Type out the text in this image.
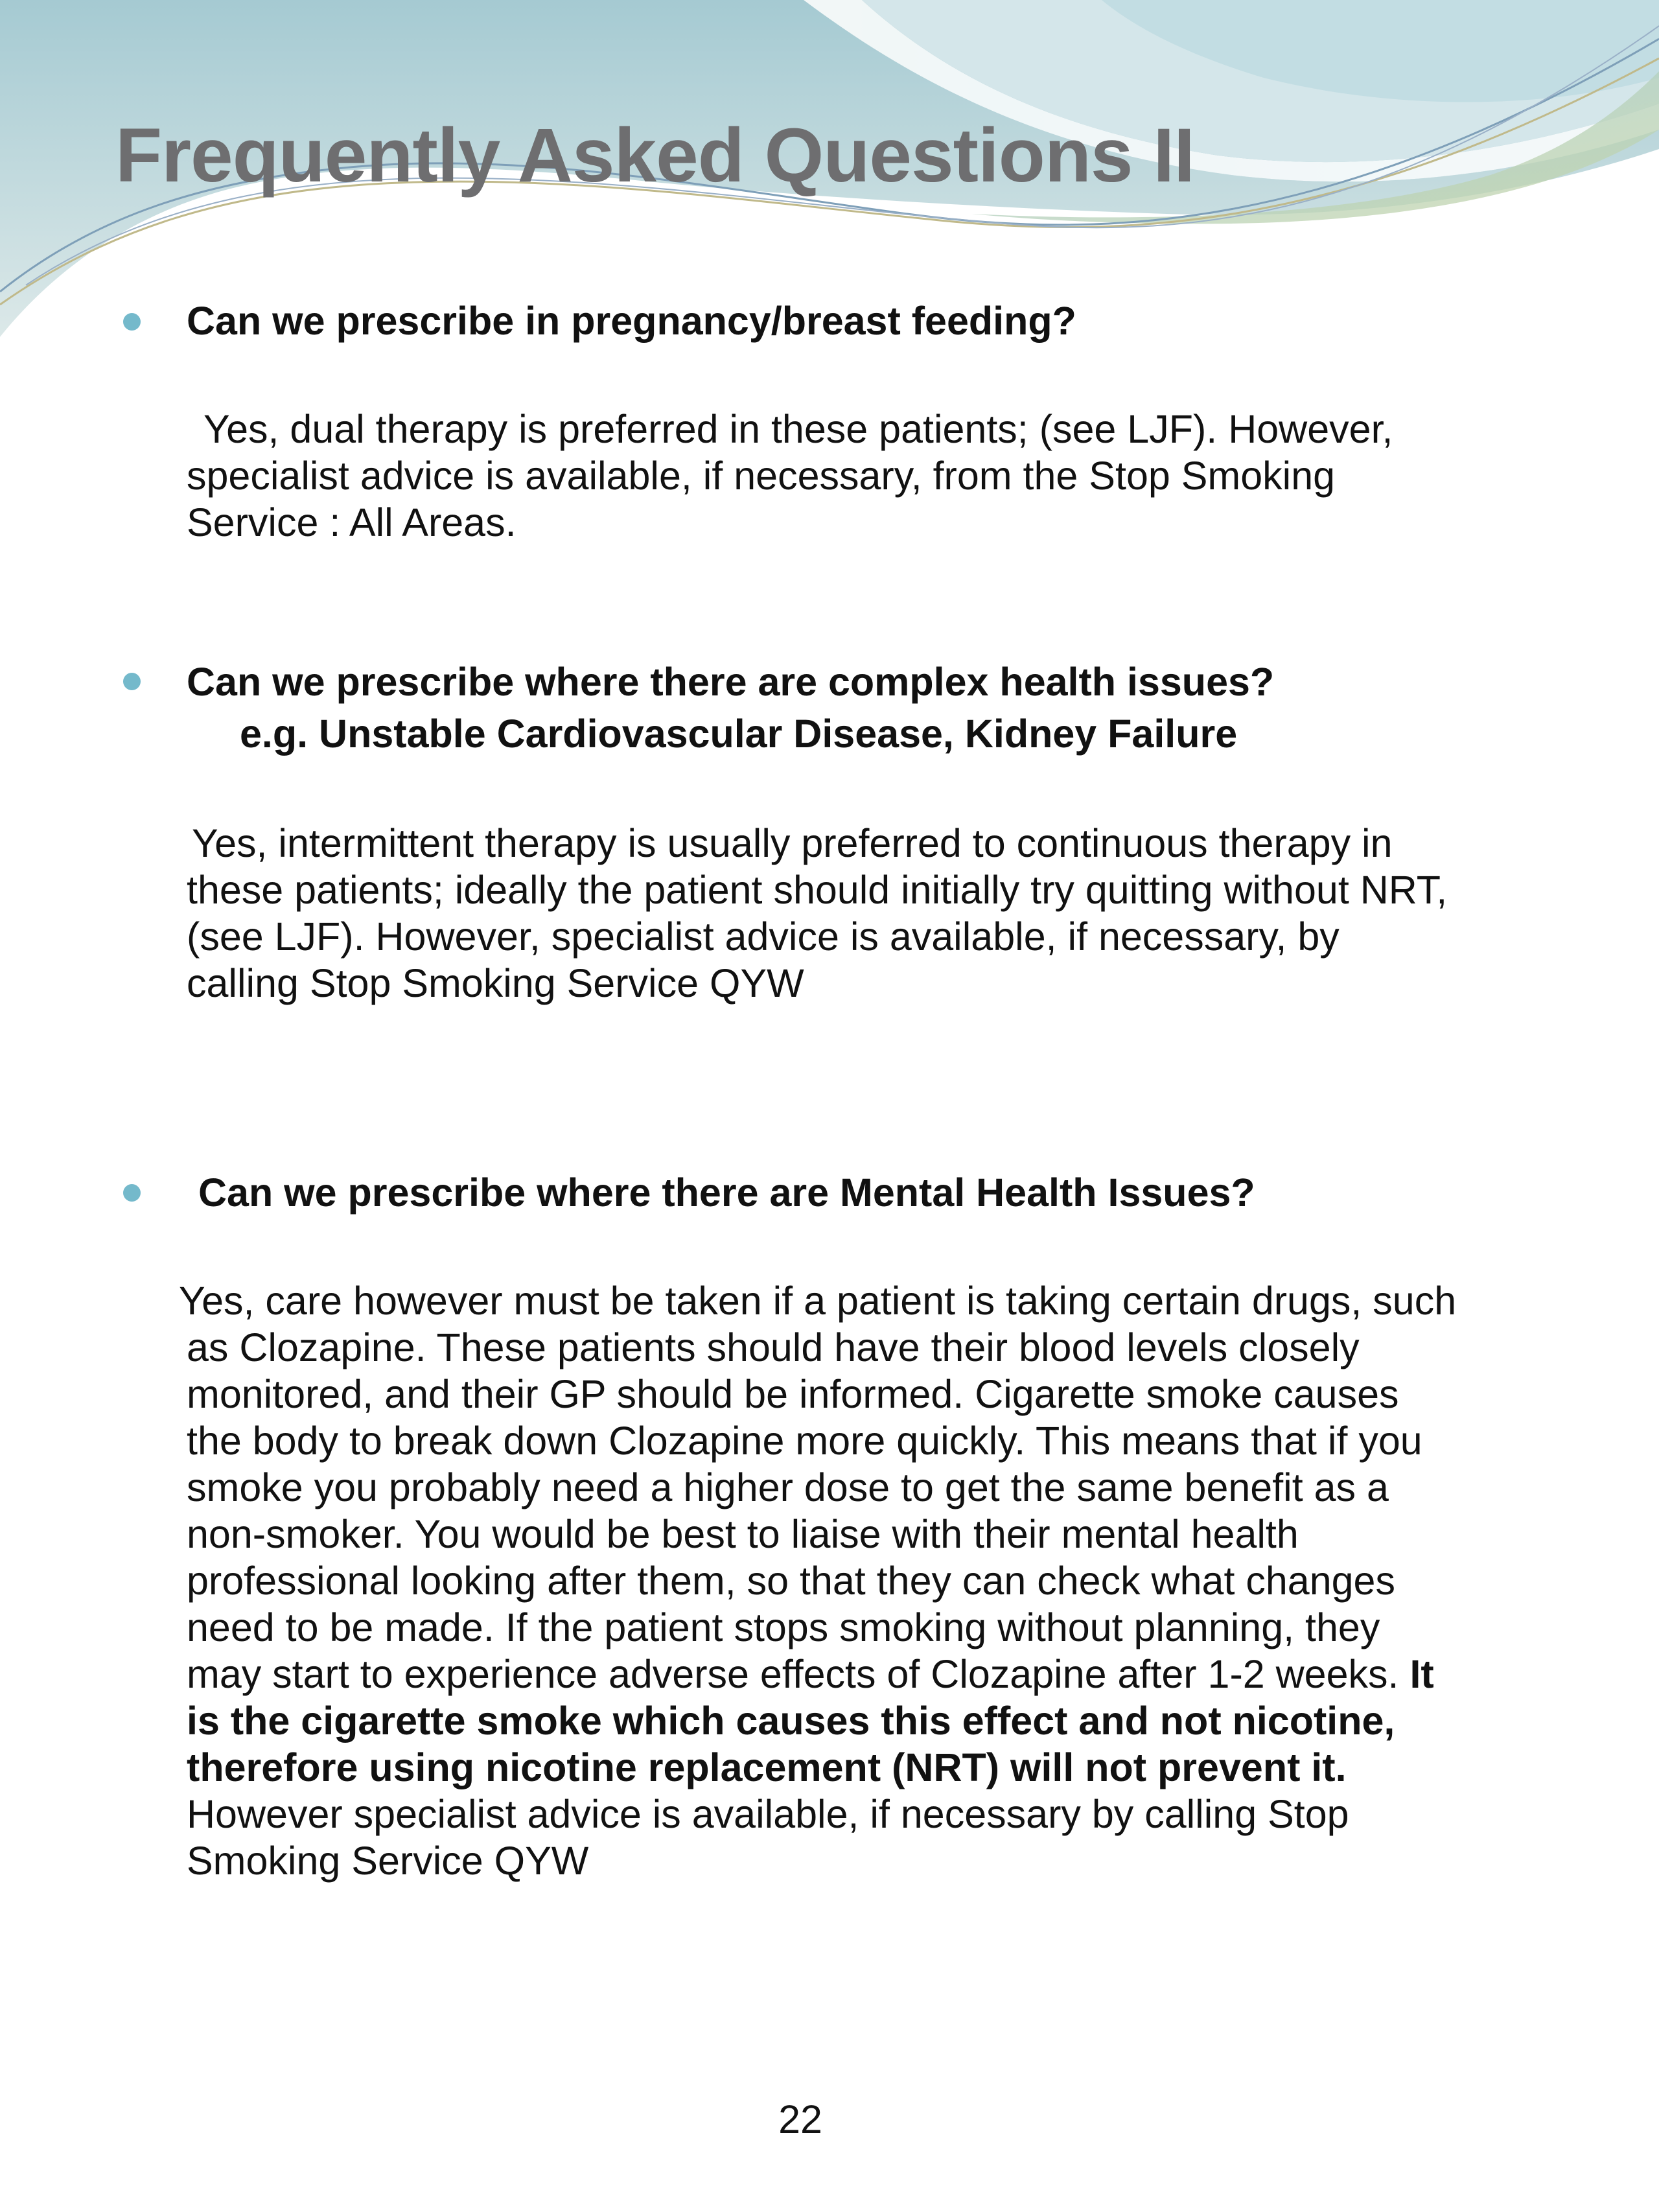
Frequently Asked Questions II

Can we prescribe in pregnancy/breast feeding?

Yes, dual therapy is preferred in these patients; (see LJF). However,
specialist advice is available, if necessary, from the Stop Smoking
Service : All Areas.

Can we prescribe where there are complex health issues?
e.g. Unstable Cardiovascular Disease, Kidney Failure

Yes, intermittent therapy is usually preferred to continuous therapy in
these patients; ideally the patient should initially try quitting without NRT,
(see LJF). However, specialist advice is available, if necessary, by
calling Stop Smoking Service QYW

Can we prescribe where there are Mental Health Issues?

Yes, care however must be taken if a patient is taking certain drugs, such
as Clozapine. These patients should have their blood levels closely
monitored, and their GP should be informed. Cigarette smoke causes
the body to break down Clozapine more quickly. This means that if you
smoke you probably need a higher dose to get the same benefit as a
non-smoker. You would be best to liaise with their mental health
professional looking after them, so that they can check what changes
need to be made. If the patient stops smoking without planning, they
may start to experience adverse effects of Clozapine after 1-2 weeks. It
is the cigarette smoke which causes this effect and not nicotine,
therefore using nicotine replacement (NRT) will not prevent it.
However specialist advice is available, if necessary by calling Stop
Smoking Service QYW

22
